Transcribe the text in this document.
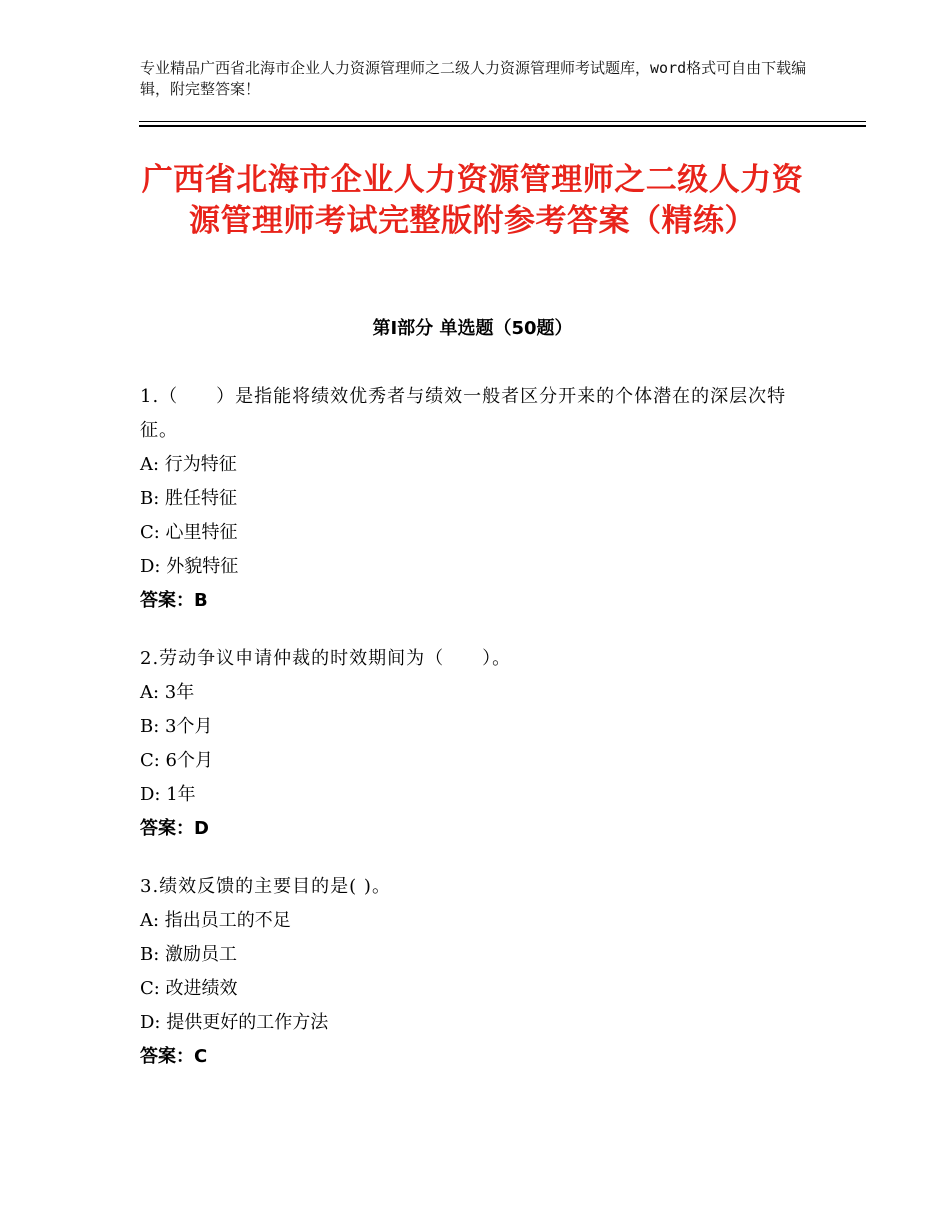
专业精品广西省北海市企业人力资源管理师之二级人力资源管理师考试题库，word格式可自由下载编辑，附完整答案！
广西省北海市企业人力资源管理师之二级人力资源管理师考试完整版附参考答案（精练）
第Ⅰ部分 单选题（50题）
1.（　　）是指能将绩效优秀者与绩效一般者区分开来的个体潜在的深层次特征。
A: 行为特征
B: 胜任特征
C: 心里特征
D: 外貌特征
答案：B
2.劳动争议申请仲裁的时效期间为（　　）。
A: 3年
B: 3个月
C: 6个月
D: 1年
答案：D
3.绩效反馈的主要目的是( )。
A: 指出员工的不足
B: 激励员工
C: 改进绩效
D: 提供更好的工作方法
答案：C
